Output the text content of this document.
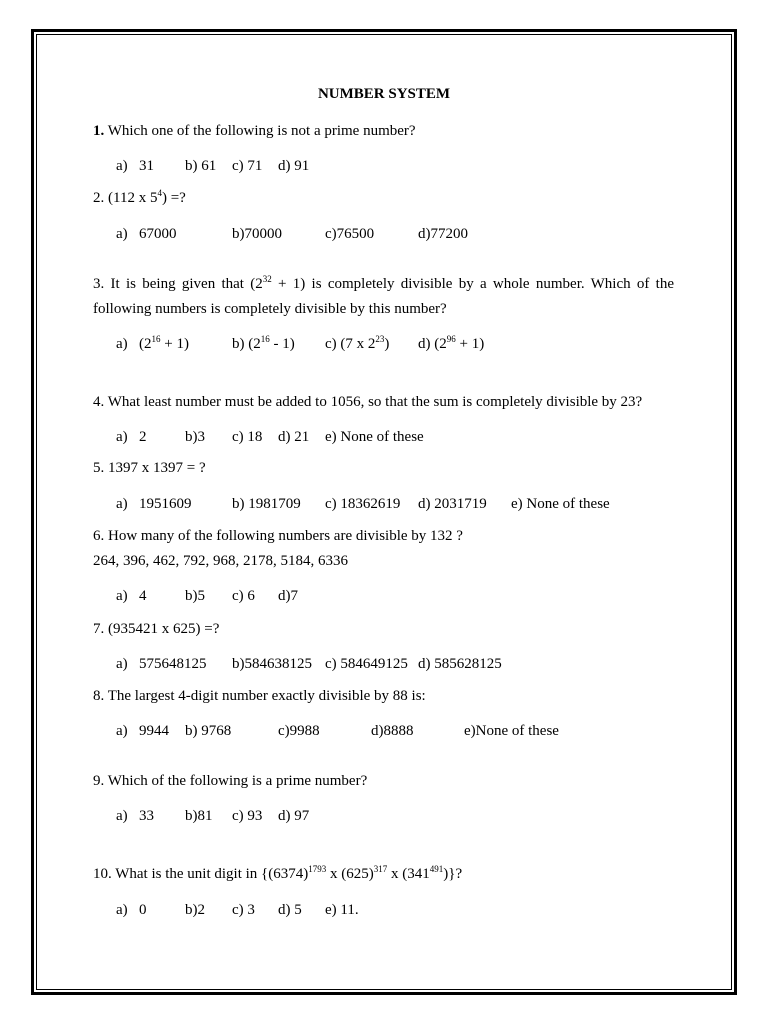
NUMBER SYSTEM
1. Which one of the following is not a prime number?
a) 31 b) 61 c) 71 d) 91
2. (112 x $5^4$) =?
a) 67000	b)70000	c)76500	d)77200
3. It is being given that $(2^{32} + 1)$ is completely divisible by a whole number. Which of the
following numbers is completely divisible by this number?
a) $(2^{16} + 1)$	b) $(2^{16} - 1)$ c) (7 x $2^{23}$) d) $(2^{96} + 1)$
4. What least number must be added to 1056, so that the sum is completely divisible by 23?
a) 2	b)3 c) 18 d) 21 e) None of these
5. 1397 x 1397 = ?
a) 1951609	b) 1981709 c) 18362619 d) 2031719 e) None of these
6. How many of the following numbers are divisible by 132 ?
264, 396, 462, 792, 968, 2178, 5184, 6336
a) 4	b)5 c) 6 d)7
7. (935421 x 625) =?
a) 575648125 b)584638125 c) 584649125 d) 585628125
8. The largest 4-digit number exactly divisible by 88 is:
a) 9944 b) 9768	c)9988	d)8888	e)None of these
9. Which of the following is a prime number?
a) 33 b)81 c) 93 d) 97
10. What is the unit digit in {$(6374)^{1793}$ x $(625)^{317}$ x $(341^{491})$}?
a) 0	b)2 c) 3 d) 5 e) 11.
